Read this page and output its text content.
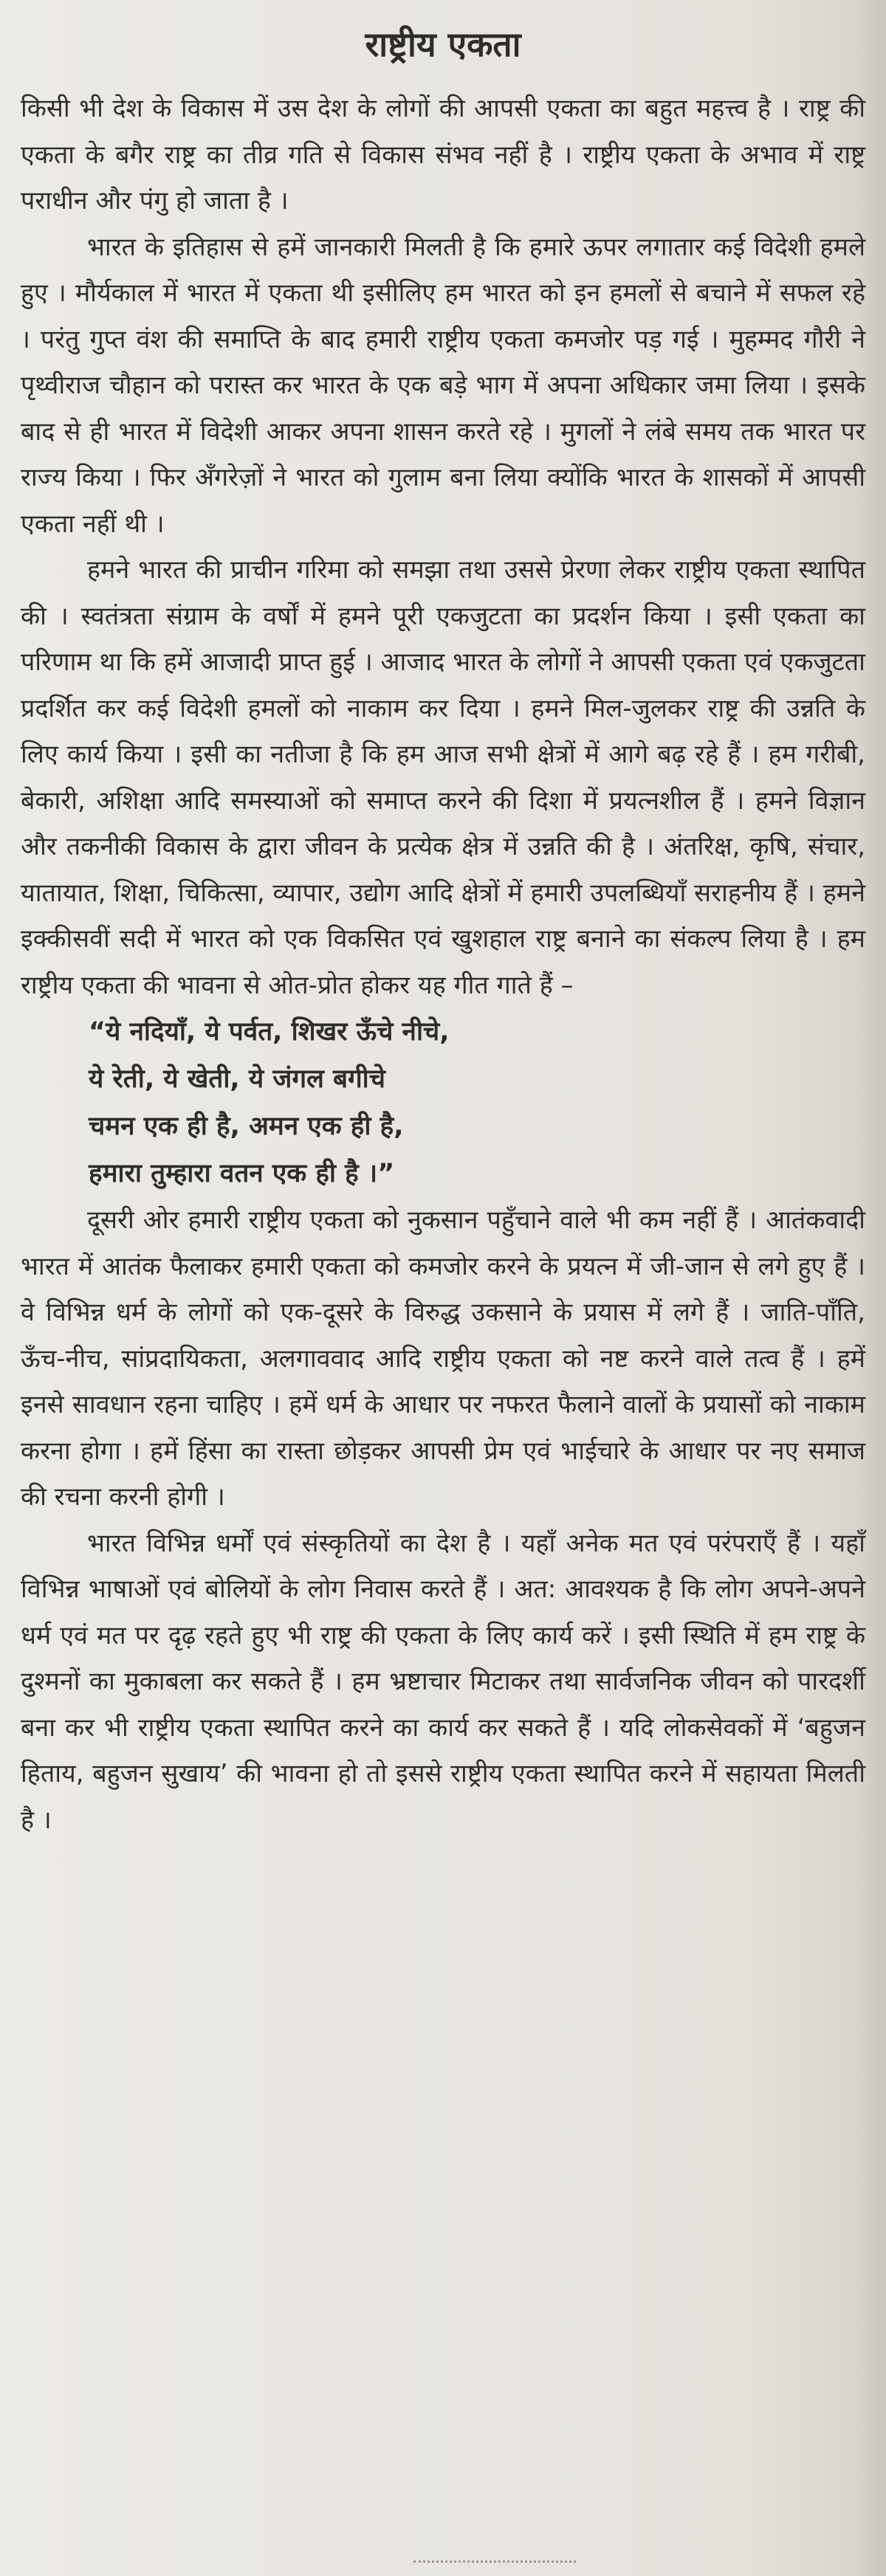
राष्ट्रीय एकता

किसी भी देश के विकास में उस देश के लोगों की आपसी एकता का बहुत महत्त्व है । राष्ट्र की एकता के बगैर राष्ट्र का तीव्र गति से विकास संभव नहीं है । राष्ट्रीय एकता के अभाव में राष्ट्र पराधीन और पंगु हो जाता है ।

भारत के इतिहास से हमें जानकारी मिलती है कि हमारे ऊपर लगातार कई विदेशी हमले हुए । मौर्यकाल में भारत में एकता थी इसीलिए हम भारत को इन हमलों से बचाने में सफल रहे । परंतु गुप्त वंश की समाप्ति के बाद हमारी राष्ट्रीय एकता कमजोर पड़ गई । मुहम्मद गौरी ने पृथ्वीराज चौहान को परास्त कर भारत के एक बड़े भाग में अपना अधिकार जमा लिया । इसके बाद से ही भारत में विदेशी आकर अपना शासन करते रहे । मुगलों ने लंबे समय तक भारत पर राज्य किया । फिर अँगरेज़ों ने भारत को गुलाम बना लिया क्योंकि भारत के शासकों में आपसी एकता नहीं थी ।

हमने भारत की प्राचीन गरिमा को समझा तथा उससे प्रेरणा लेकर राष्ट्रीय एकता स्थापित की । स्वतंत्रता संग्राम के वर्षों में हमने पूरी एकजुटता का प्रदर्शन किया । इसी एकता का परिणाम था कि हमें आजादी प्राप्त हुई । आजाद भारत के लोगों ने आपसी एकता एवं एकजुटता प्रदर्शित कर कई विदेशी हमलों को नाकाम कर दिया । हमने मिल-जुलकर राष्ट्र की उन्नति के लिए कार्य किया । इसी का नतीजा है कि हम आज सभी क्षेत्रों में आगे बढ़ रहे हैं । हम गरीबी, बेकारी, अशिक्षा आदि समस्याओं को समाप्त करने की दिशा में प्रयत्नशील हैं । हमने विज्ञान और तकनीकी विकास के द्वारा जीवन के प्रत्येक क्षेत्र में उन्नति की है । अंतरिक्ष, कृषि, संचार, यातायात, शिक्षा, चिकित्सा, व्यापार, उद्योग आदि क्षेत्रों में हमारी उपलब्धियाँ सराहनीय हैं । हमने इक्कीसवीं सदी में भारत को एक विकसित एवं खुशहाल राष्ट्र बनाने का संकल्प लिया है । हम राष्ट्रीय एकता की भावना से ओत-प्रोत होकर यह गीत गाते हैं –

“ये नदियाँ, ये पर्वत, शिखर ऊँचे नीचे,
ये रेती, ये खेती, ये जंगल बगीचे
चमन एक ही है, अमन एक ही है,
हमारा तुम्हारा वतन एक ही है ।”

दूसरी ओर हमारी राष्ट्रीय एकता को नुकसान पहुँचाने वाले भी कम नहीं हैं । आतंकवादी भारत में आतंक फैलाकर हमारी एकता को कमजोर करने के प्रयत्न में जी-जान से लगे हुए हैं । वे विभिन्न धर्म के लोगों को एक-दूसरे के विरुद्ध उकसाने के प्रयास में लगे हैं । जाति-पाँति, ऊँच-नीच, सांप्रदायिकता, अलगाववाद आदि राष्ट्रीय एकता को नष्ट करने वाले तत्व हैं । हमें इनसे सावधान रहना चाहिए । हमें धर्म के आधार पर नफरत फैलाने वालों के प्रयासों को नाकाम करना होगा । हमें हिंसा का रास्ता छोड़कर आपसी प्रेम एवं भाईचारे के आधार पर नए समाज की रचना करनी होगी ।

भारत विभिन्न धर्मों एवं संस्कृतियों का देश है । यहाँ अनेक मत एवं परंपराएँ हैं । यहाँ विभिन्न भाषाओं एवं बोलियों के लोग निवास करते हैं । अत: आवश्यक है कि लोग अपने-अपने धर्म एवं मत पर दृढ़ रहते हुए भी राष्ट्र की एकता के लिए कार्य करें । इसी स्थिति में हम राष्ट्र के दुश्मनों का मुकाबला कर सकते हैं । हम भ्रष्टाचार मिटाकर तथा सार्वजनिक जीवन को पारदर्शी बना कर भी राष्ट्रीय एकता स्थापित करने का कार्य कर सकते हैं । यदि लोकसेवकों में ‘बहुजन हिताय, बहुजन सुखाय’ की भावना हो तो इससे राष्ट्रीय एकता स्थापित करने में सहायता मिलती है ।
